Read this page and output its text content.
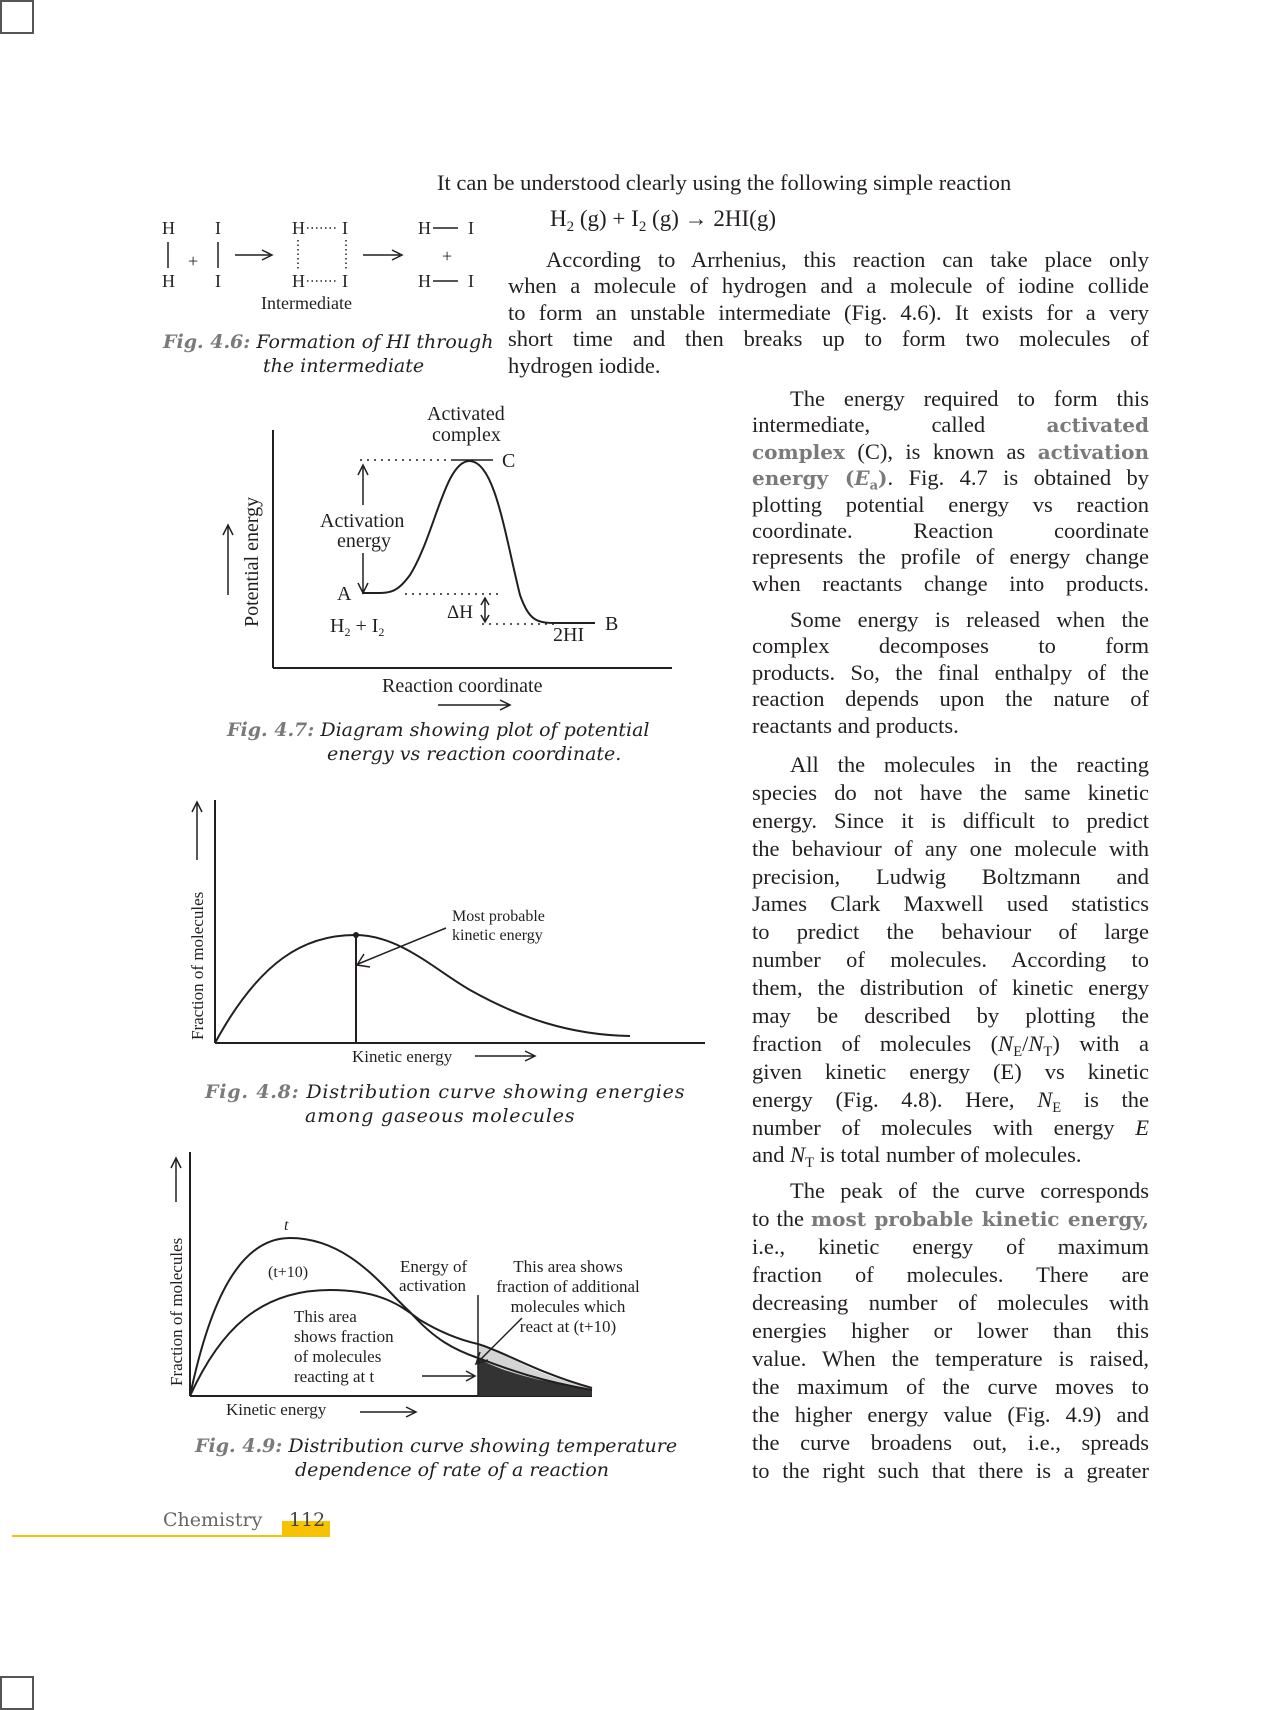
It can be understood clearly using the following simple reaction
$H_2$ $(g) + I_2$ (g) → 2HI(g)
According to Arrhenius, this reaction can take place only
when a molecule of hydrogen and a molecule of iodine collide
to form an unstable intermediate (Fig. 4.6). It exists for a very
short time and then breaks up to form two molecules of
hydrogen iodide.
H
H
+
I
I
H I
H I
H I
+
H I
Intermediate
Fig. 4.6: Formation of HI through
the intermediate
Activated
complex
C
A
Activation
energy
$H_2 + I_2$
ΔH
2HI B
Potential energy
Reaction coordinate
Fig. 4.7: Diagram showing plot of potential
energy vs reaction coordinate.
Most probable
kinetic energy
Fraction of molecules
Kinetic energy
Fig. 4.8: Distribution curve showing energies
among gaseous molecules
t
(t+10)	Energy of
activation
This area
shows fraction
of molecules
reacting at t
This area shows
fraction of additional
molecules which
react at (t+10)
Fraction of molecules
Kinetic energy
Fig. 4.9: Distribution curve showing temperature
dependence of rate of a reaction
The energy required to form this
intermediate,	called	activated
complex (C), is known as activation
energy $(E_a)$. Fig. 4.7 is obtained by
plotting potential energy vs reaction
coordinate. Reaction coordinate
represents the profile of energy change
when reactants change into products.
Some energy is released when the
complex decomposes to form
products. So, the final enthalpy of the
reaction depends upon the nature of
reactants and products.
All the molecules in the reacting
species do not have the same kinetic
energy. Since it is difficult to predict
the behaviour of any one molecule with
precision, Ludwig Boltzmann and
James Clark Maxwell used statistics
to predict the behaviour of large
number of molecules. According to
them, the distribution of kinetic energy
may be described by plotting the
fraction of molecules $(N_E/N_T)$ with a
given kinetic energy (E) vs kinetic
energy (Fig. 4.8). Here, $N_E$ is the
number of molecules with energy E
and $N_T$ is total number of molecules.
The peak of the curve corresponds
to the most probable kinetic energy,
i.e., kinetic energy of maximum
fraction of molecules. There are
decreasing number of molecules with
energies higher or lower than this
value. When the temperature is raised,
the maximum of the curve moves to
the higher energy value (Fig. 4.9) and
the curve broadens out, i.e., spreads
to the right such that there is a greater
Chemistry 112
